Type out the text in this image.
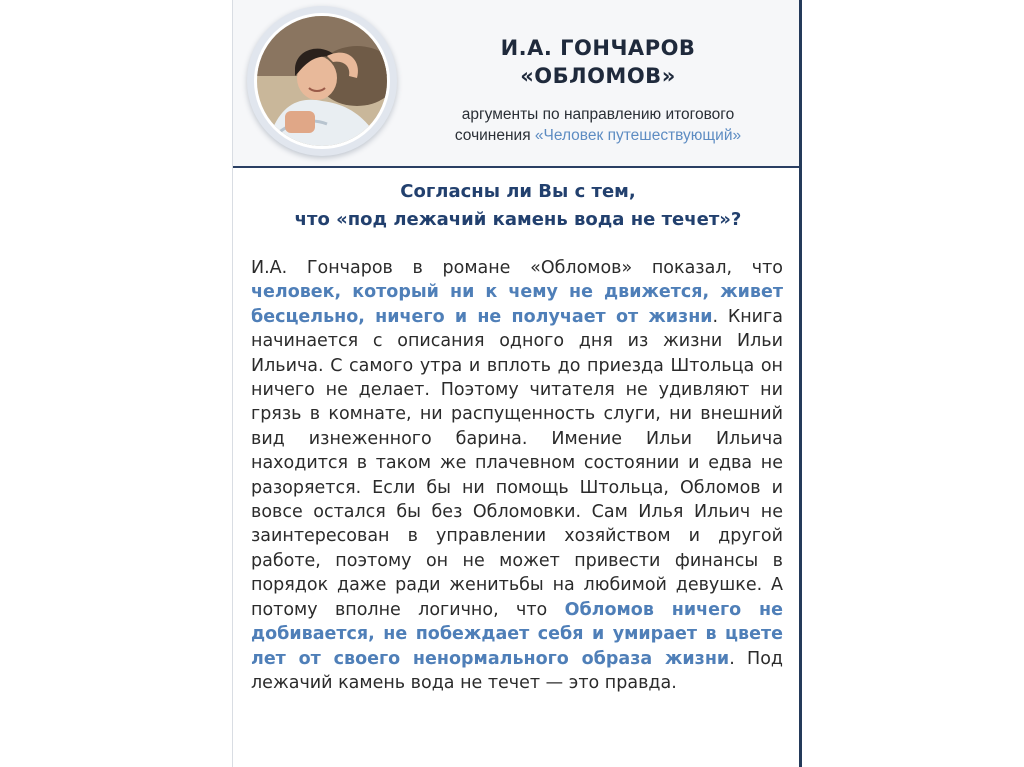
И.А. ГОНЧАРОВ
«ОБЛОМОВ»
аргументы по направлению итогового
сочинения «Человек путешествующий»
Согласны ли Вы с тем,
что «под лежачий камень вода не течет»?
И.А. Гончаров в романе «Обломов» показал, что человек, который ни к чему не движется, живет бесцельно, ничего и не получает от жизни. Книга начинается с описания одного дня из жизни Ильи Ильича. С самого утра и вплоть до приезда Штольца он ничего не делает. Поэтому читателя не удивляют ни грязь в комнате, ни распущенность слуги, ни внешний вид изнеженного барина. Имение Ильи Ильича находится в таком же плачевном состоянии и едва не разоряется. Если бы ни помощь Штольца, Обломов и вовсе остался бы без Обломовки. Сам Илья Ильич не заинтересован в управлении хозяйством и другой работе, поэтому он не может привести финансы в порядок даже ради женитьбы на любимой девушке. А потому вполне логично, что Обломов ничего не добивается, не побеждает себя и умирает в цвете лет от своего ненормального образа жизни. Под лежачий камень вода не течет — это правда.
